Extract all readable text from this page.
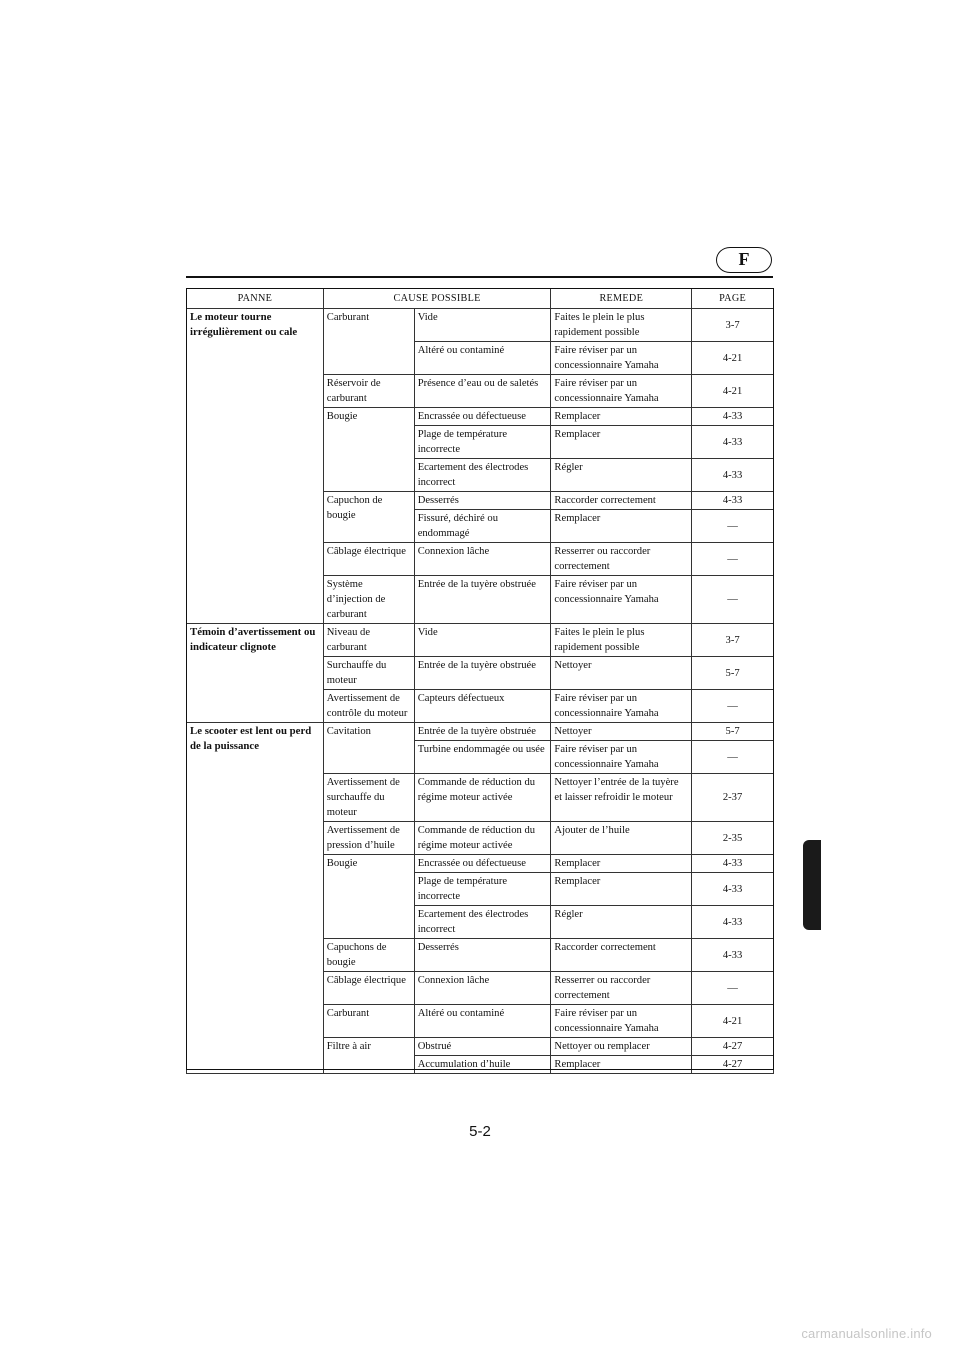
F
PANNE	CAUSE POSSIBLE		REMEDE	PAGE
Le moteur tourne irrégulièrement ou cale	Carburant	Vide	Faites le plein le plus rapidement possible	3-7
		Altéré ou contaminé	Faire réviser par un concessionnaire Yamaha	4-21
	Réservoir de carburant	Présence d’eau ou de saletés	Faire réviser par un concessionnaire Yamaha	4-21
	Bougie	Encrassée ou défectueuse	Remplacer	4-33
		Plage de température incorrecte	Remplacer	4-33
		Ecartement des électrodes incorrect	Régler	4-33
	Capuchon de bougie	Desserrés	Raccorder correctement	4-33
		Fissuré, déchiré ou endommagé	Remplacer	—
	Câblage électrique	Connexion lâche	Resserrer ou raccorder correctement	—
	Système d’injection de carburant	Entrée de la tuyère obstruée	Faire réviser par un concessionnaire Yamaha	—
Témoin d’avertissement ou indicateur clignote	Niveau de carburant	Vide	Faites le plein le plus rapidement possible	3-7
	Surchauffe du moteur	Entrée de la tuyère obstruée	Nettoyer	5-7
	Avertissement de contrôle du moteur	Capteurs défectueux	Faire réviser par un concessionnaire Yamaha	—
Le scooter est lent ou perd de la puissance	Cavitation	Entrée de la tuyère obstruée	Nettoyer	5-7
		Turbine endommagée ou usée	Faire réviser par un concessionnaire Yamaha	—
	Avertissement de surchauffe du moteur	Commande de réduction du régime moteur activée	Nettoyer l’entrée de la tuyère et laisser refroidir le moteur	2-37
	Avertissement de pression d’huile	Commande de réduction du régime moteur activée	Ajouter de l’huile	2-35
	Bougie	Encrassée ou défectueuse	Remplacer	4-33
		Plage de température incorrecte	Remplacer	4-33
		Ecartement des électrodes incorrect	Régler	4-33
	Capuchons de bougie	Desserrés	Raccorder correctement	4-33
	Câblage électrique	Connexion lâche	Resserrer ou raccorder correctement	—
	Carburant	Altéré ou contaminé	Faire réviser par un concessionnaire Yamaha	4-21
	Filtre à air	Obstrué	Nettoyer ou remplacer	4-27
		Accumulation d’huile	Remplacer	4-27
5-2
carmanualsonline.info
